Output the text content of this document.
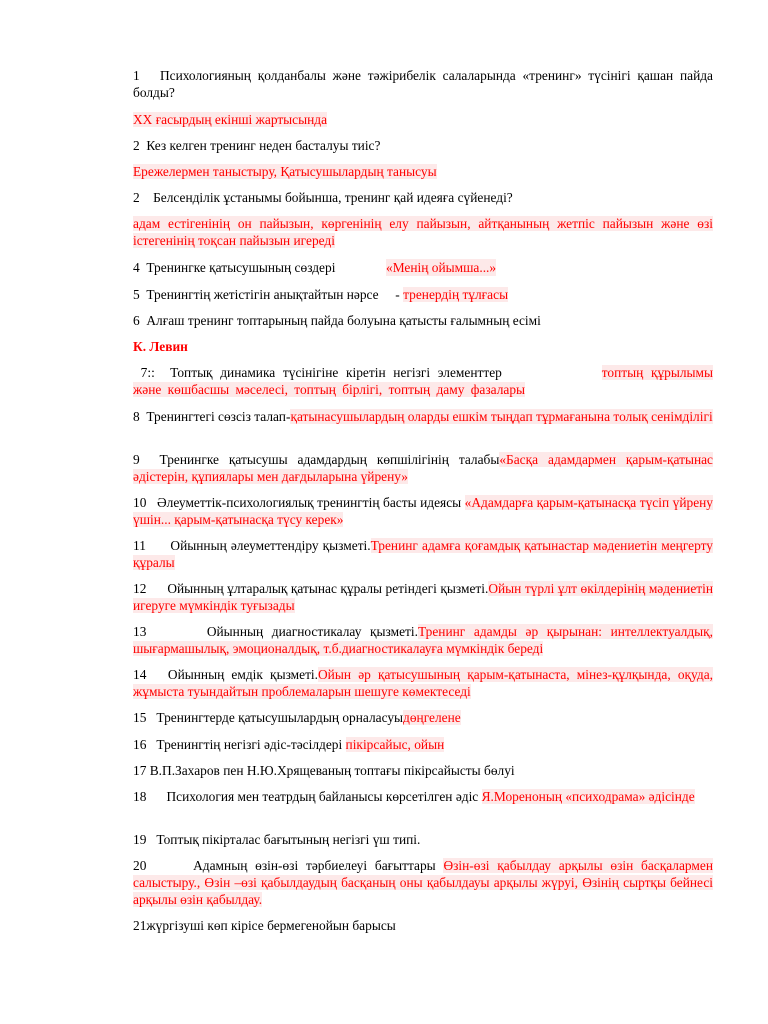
1   Психологияның қолданбалы және тәжірибелік салаларында «тренинг» түсінігі қашан пайда болды?
XX ғасырдың екінші жартысында
2  Кез келген тренинг неден басталуы тиіс?
Ережелермен таныстыру, Қатысушылардың танысуы
2    Белсенділік ұстанымы бойынша, тренинг қай идеяға сүйенеді?
адам естігенінің он пайызын, көргенінің елу пайызын, айтқанының жетпіс пайызын және өзі істегенінің тоқсан пайызын игереді
4  Тренингке қатысушының сөздері	«Менің ойымша...»
5  Тренингтің жетістігін анықтайтын нәрсе     - тренердің тұлғасы
6  Алғаш тренинг топтарының пайда болуына қатысты ғалымның есімі
К. Левин
7::  Топтық динамика түсінігіне кіретін негізгі элементтер	топтың құрылымы және көшбасшы мәселесі, топтың бірлігі, топтың даму фазалары
8  Тренингтегі сөзсіз талап-қатынасушылардың оларды ешкім тыңдап тұрмағанына толық сенімділігі
9  Тренингке қатысушы адамдардың көпшілігінің талабы«Басқа адамдармен қарым-қатынас әдістерін, құпиялары мен дағдыларына үйрену»
10   Әлеуметтік-психологиялық тренингтің басты идеясы «Адамдарға қарым-қатынасқа түсіп үйрену үшін... қарым-қатынасқа түсу керек»
11      Ойынның әлеуметтендіру қызметі.Тренинг адамға қоғамдық қатынастар мәдениетін меңгерту құралы
12      Ойынның ұлтаралық қатынас құралы ретіндегі қызметі.Ойын түрлі ұлт өкілдерінің мәдениетін игеруге мүмкіндік туғызады
13       Ойынның диагностикалау қызметі.Тренинг адамды әр қырынан: интеллектуалдық, шығармашылық, эмоционалдық, т.б.диагностикалауға мүмкіндік береді
14   Ойынның емдік қызметі.Ойын әр қатысушының қарым-қатынаста, мінез-құлқында, оқуда, жұмыста туындайтын проблемаларын шешуге көмектеседі
15   Тренингтерде қатысушылардың орналасуыдөңгелене
16   Тренингтің негізгі әдіс-тәсілдері пікірсайыс, ойын
17 В.П.Захаров пен Н.Ю.Хрящеваның топтағы пікірсайысты бөлуі
18      Психология мен театрдың байланысы көрсетілген әдіс Я.Мореноның «психодрама» әдісінде
19   Топтық пікірталас бағытының негізгі үш типі.
20      Адамның өзін-өзі тәрбиелеуі бағыттары Өзін-өзі қабылдау арқылы өзін басқалармен салыстыру., Өзін –өзі қабылдаудың басқаның оны қабылдауы арқылы жүруі, Өзінің сыртқы бейнесі арқылы өзін қабылдау.
21жүргізуші көп кірісе бермегенойын барысы
